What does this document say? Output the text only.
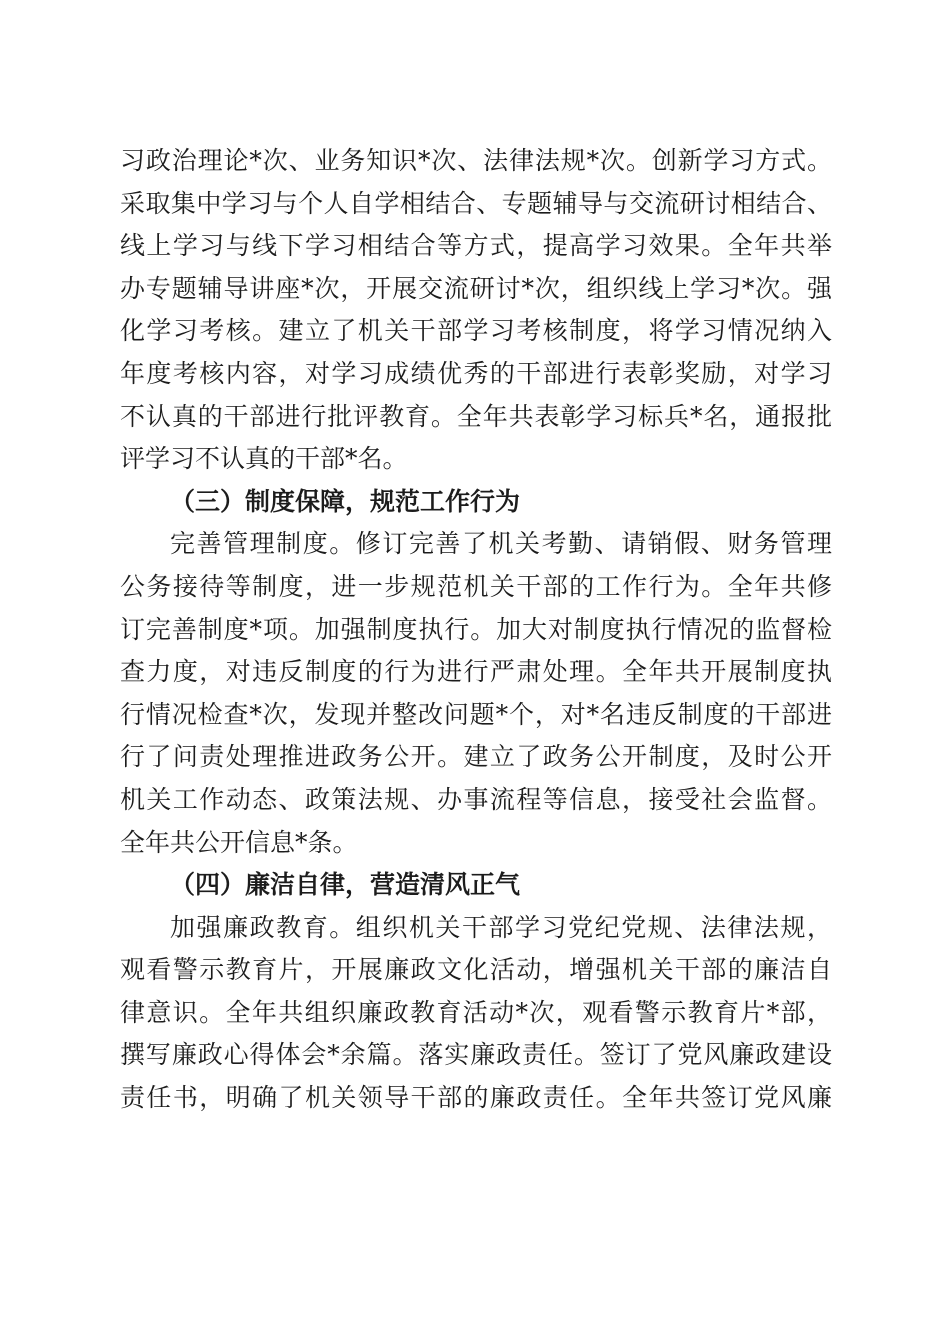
习政治理论*次、业务知识*次、法律法规*次。创新学习方式。
采取集中学习与个人自学相结合、专题辅导与交流研讨相结合、
线上学习与线下学习相结合等方式，提高学习效果。全年共举
办专题辅导讲座*次，开展交流研讨*次，组织线上学习*次。强
化学习考核。建立了机关干部学习考核制度，将学习情况纳入
年度考核内容，对学习成绩优秀的干部进行表彰奖励，对学习
不认真的干部进行批评教育。全年共表彰学习标兵*名，通报批
评学习不认真的干部*名。
（三）制度保障，规范工作行为
完善管理制度。修订完善了机关考勤、请销假、财务管理
公务接待等制度，进一步规范机关干部的工作行为。全年共修
订完善制度*项。加强制度执行。加大对制度执行情况的监督检
查力度，对违反制度的行为进行严肃处理。全年共开展制度执
行情况检查*次，发现并整改问题*个，对*名违反制度的干部进
行了问责处理推进政务公开。建立了政务公开制度，及时公开
机关工作动态、政策法规、办事流程等信息，接受社会监督。
全年共公开信息*条。
（四）廉洁自律，营造清风正气
加强廉政教育。组织机关干部学习党纪党规、法律法规，
观看警示教育片，开展廉政文化活动，增强机关干部的廉洁自
律意识。全年共组织廉政教育活动*次，观看警示教育片*部，
撰写廉政心得体会*余篇。落实廉政责任。签订了党风廉政建设
责任书，明确了机关领导干部的廉政责任。全年共签订党风廉
